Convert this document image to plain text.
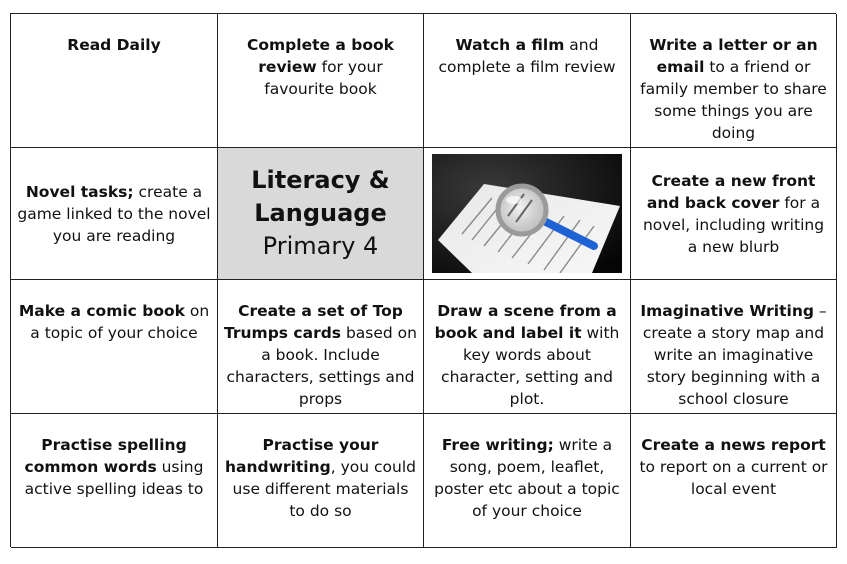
Read Daily	Complete a book review for your favourite book
Watch a film and complete a film review
Write a letter or an email to a friend or family member to share some things you are doing
Novel tasks; create a game linked to the novel you are reading
Literacy &
Language
Primary 4
Create a new front and back cover for a novel, including writing a new blurb
Make a comic book on a topic of your choice
Create a set of Top Trumps cards based on a book. Include characters, settings and props
Draw a scene from a book and label it with key words about character, setting and plot.
Imaginative Writing – create a story map and write an imaginative story beginning with a school closure
Practise spelling common words using active spelling ideas to
Practise your handwriting, you could use different materials to do so
Free writing; write a song, poem, leaflet, poster etc about a topic of your choice
Create a news report to report on a current or local event
